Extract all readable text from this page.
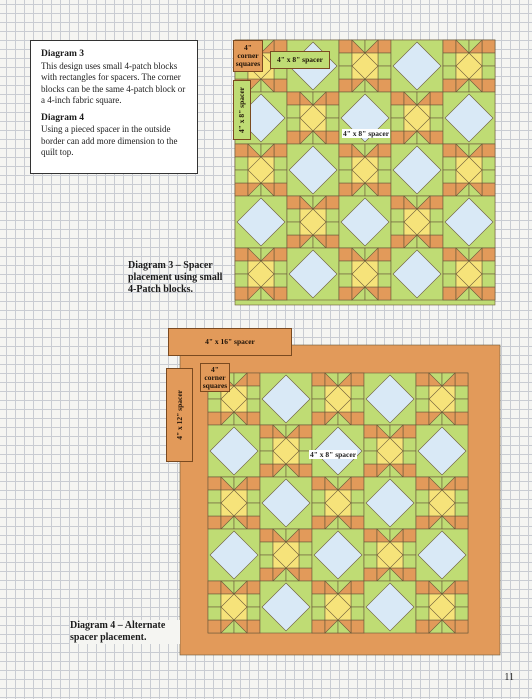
Diagram 3

This design uses small 4-patch blocks with rectangles for spacers. The corner blocks can be the same 4-patch block or a 4-inch fabric square.

Diagram 4

Using a pieced spacer in the outside border can add more dimension to the quilt top.

4" corner squares 4" x 8" spacer
4" x 8" spacer
4" x 8" spacer
Diagram 3 – Spacer placement using small 4-Patch blocks.
4" x 16" spacer
4" corner squares
4" x 12" spacer
4" x 8" spacer
Diagram 4 – Alternate spacer placement.
11
